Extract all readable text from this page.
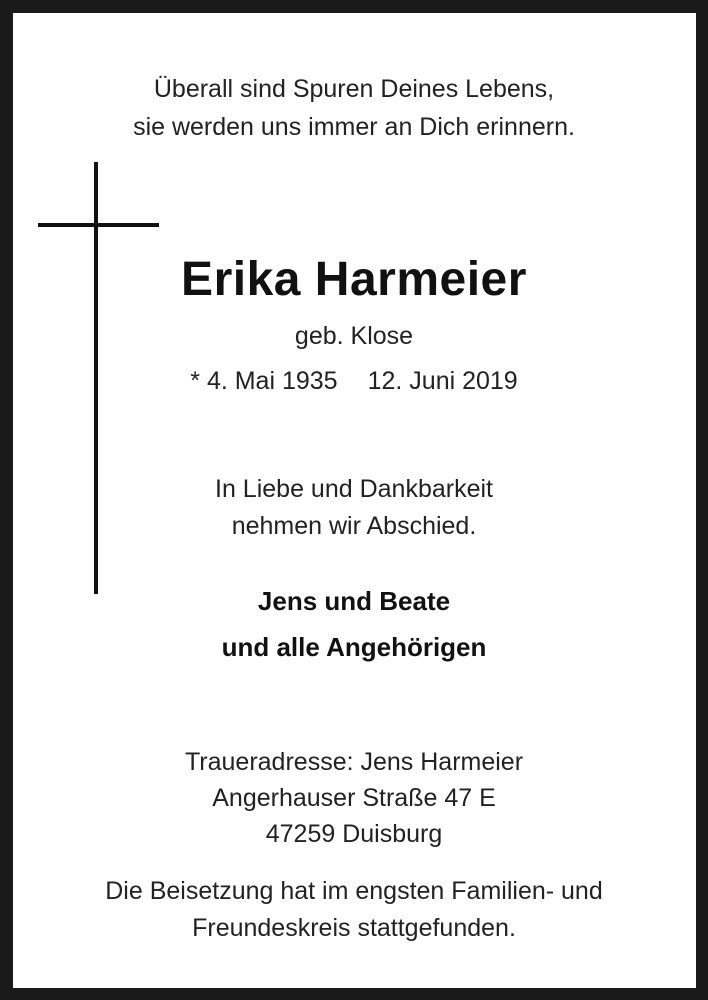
Überall sind Spuren Deines Lebens,
sie werden uns immer an Dich erinnern.
Erika Harmeier
geb. Klose
* 4. Mai 1935 12. Juni 2019
In Liebe und Dankbarkeit
nehmen wir Abschied.
Jens und Beate
und alle Angehörigen
Traueradresse: Jens Harmeier
Angerhauser Straße 47 E
47259 Duisburg
Die Beisetzung hat im engsten Familien- und
Freundeskreis stattgefunden.
